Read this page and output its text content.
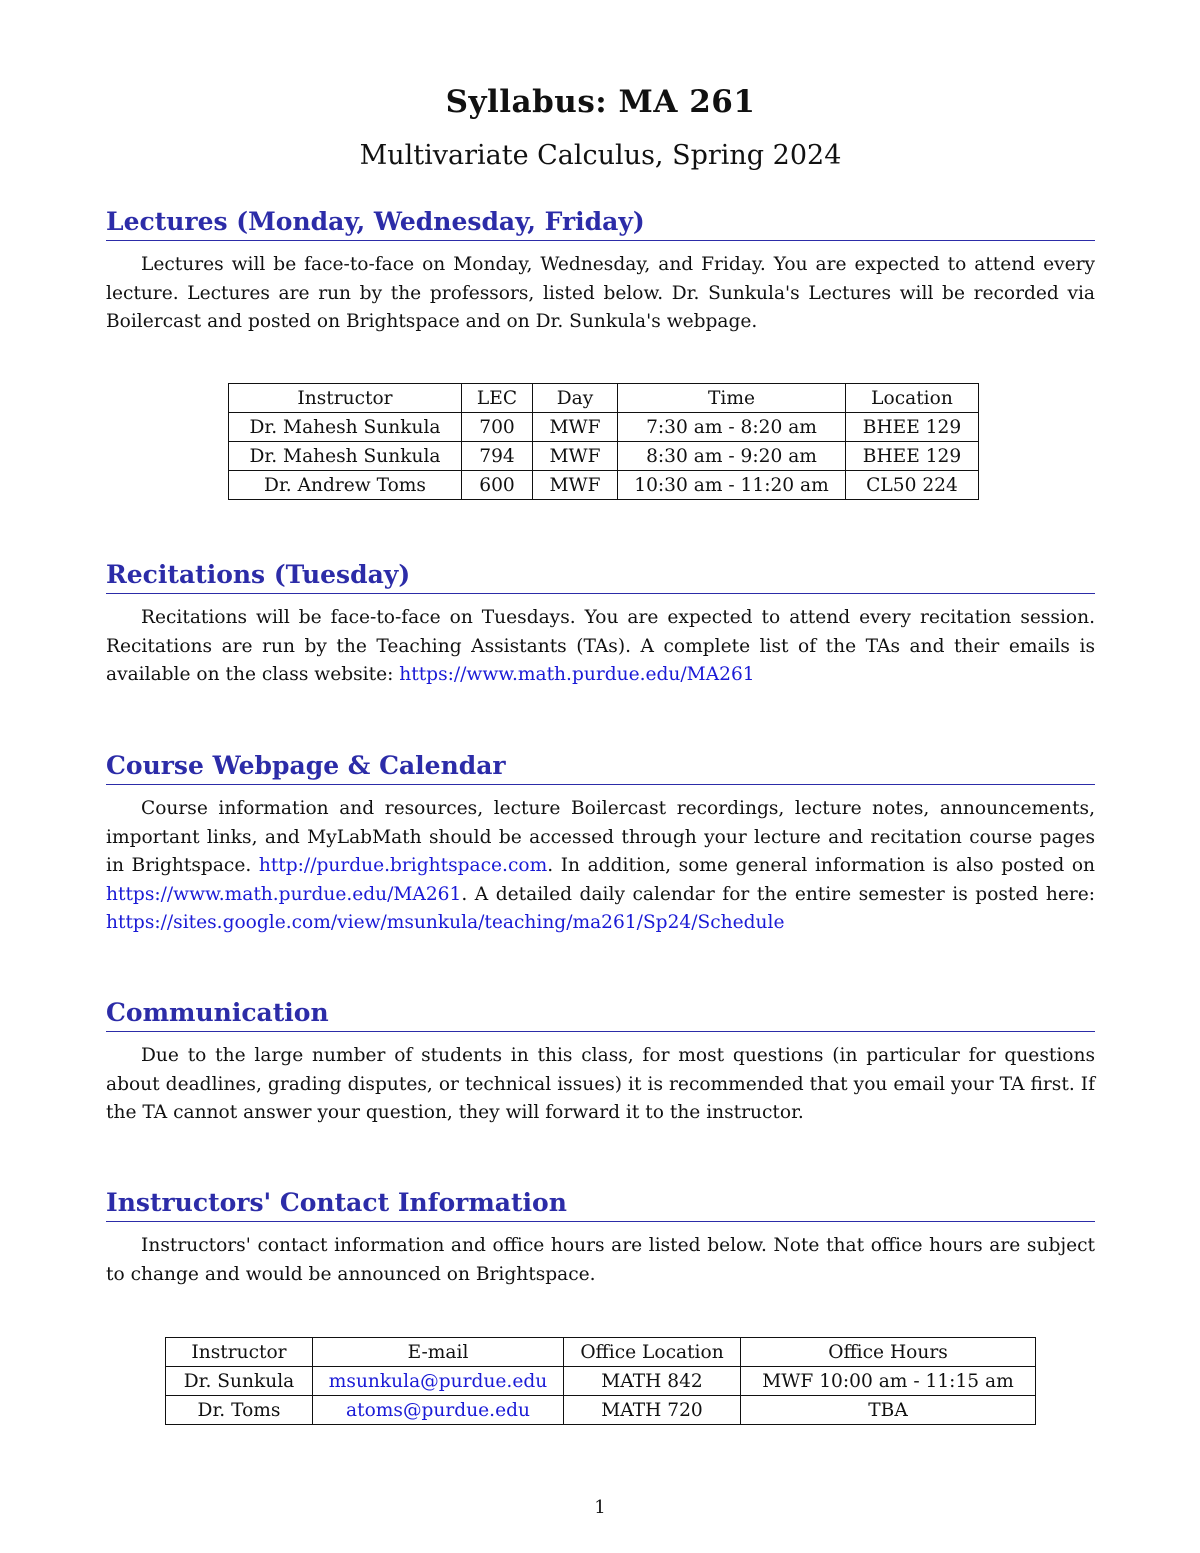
Syllabus: MA 261
Multivariate Calculus, Spring 2024
Lectures (Monday, Wednesday, Friday)

Lectures will be face-to-face on Monday, Wednesday, and Friday. You are expected to attend every lecture. Lectures are run by the professors, listed below. Dr. Sunkula's Lectures will be recorded via Boilercast and posted on Brightspace and on Dr. Sunkula's webpage.

Instructor	LEC	Day	Time	Location
Dr. Mahesh Sunkula	700	MWF	7:30 am - 8:20 am	BHEE 129
Dr. Mahesh Sunkula	794	MWF	8:30 am - 9:20 am	BHEE 129
Dr. Andrew Toms	600	MWF	10:30 am - 11:20 am	CL50 224
Recitations (Tuesday)

Recitations will be face-to-face on Tuesdays. You are expected to attend every recitation session. Recitations are run by the Teaching Assistants (TAs). A complete list of the TAs and their emails is available on the class website: https://www.math.purdue.edu/MA261

Course Webpage & Calendar

Course information and resources, lecture Boilercast recordings, lecture notes, announcements, important links, and MyLabMath should be accessed through your lecture and recitation course pages in Brightspace. http://purdue.brightspace.com. In addition, some general information is also posted on https://www.math.purdue.edu/MA261. A detailed daily calendar for the entire semester is posted here: https://sites.google.com/view/msunkula/teaching/ma261/Sp24/Schedule

Communication

Due to the large number of students in this class, for most questions (in particular for questions about deadlines, grading disputes, or technical issues) it is recommended that you email your TA first. If the TA cannot answer your question, they will forward it to the instructor.

Instructors' Contact Information

Instructors' contact information and office hours are listed below. Note that office hours are subject to change and would be announced on Brightspace.

Instructor	E-mail	Office Location	Office Hours
Dr. Sunkula	msunkula@purdue.edu	MATH 842	MWF 10:00 am - 11:15 am
Dr. Toms	atoms@purdue.edu	MATH 720	TBA
1
